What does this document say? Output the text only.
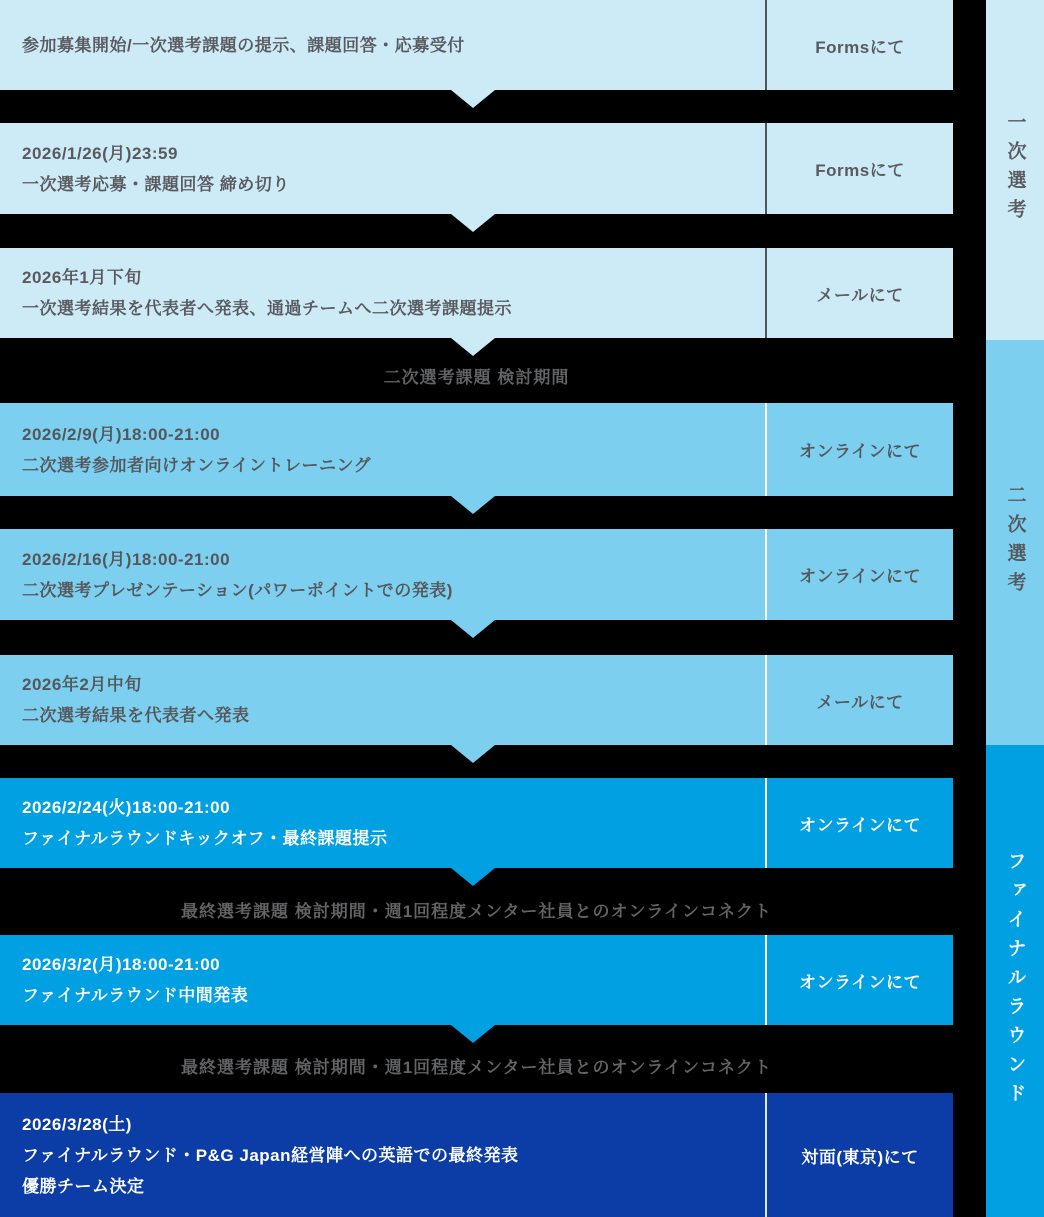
参加募集開始/一次選考課題の提示、課題回答・応募受付	Formsにて
2026/1/26(月)23:59
一次選考応募・課題回答 締め切り
Formsにて
2026年1月下旬
一次選考結果を代表者へ発表、通過チームへ二次選考課題提示
メールにて
二次選考課題 検討期間
2026/2/9(月)18:00-21:00
二次選考参加者向けオンライントレーニング
オンラインにて
2026/2/16(月)18:00-21:00
二次選考プレゼンテーション(パワーポイントでの発表)
オンラインにて
2026年2月中旬
二次選考結果を代表者へ発表
メールにて
2026/2/24(火)18:00-21:00
ファイナルラウンドキックオフ・最終課題提示
オンラインにて
最終選考課題 検討期間・週1回程度メンター社員とのオンラインコネクト
2026/3/2(月)18:00-21:00
ファイナルラウンド中間発表
オンラインにて
最終選考課題 検討期間・週1回程度メンター社員とのオンラインコネクト
2026/3/28(土)
ファイナルラウンド・P&G Japan経営陣への英語での最終発表
優勝チーム決定
対面(東京)にて
一次選考
二次選考
ファイナルラウンド
